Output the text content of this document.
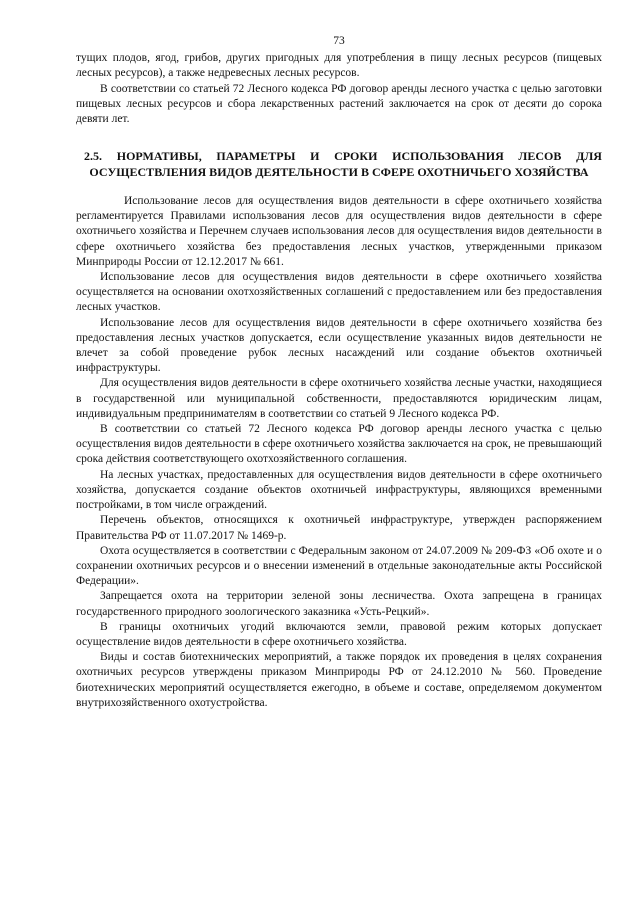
73

тущих плодов, ягод, грибов, других пригодных для употребления в пищу лесных ресурсов (пищевых лесных ресурсов), а также недревесных лесных ресурсов.

В соответствии со статьей 72 Лесного кодекса РФ договор аренды лесного участка с целью заготовки пищевых лесных ресурсов и сбора лекарственных растений заключается на срок от десяти до сорока девяти лет.

2.5. НОРМАТИВЫ, ПАРАМЕТРЫ И СРОКИ ИСПОЛЬЗОВАНИЯ ЛЕСОВ ДЛЯ ОСУЩЕСТВЛЕНИЯ ВИДОВ ДЕЯТЕЛЬНОСТИ В СФЕРЕ ОХОТНИЧЬЕГО ХОЗЯЙСТВА

Использование лесов для осуществления видов деятельности в сфере охотничьего хозяйства регламентируется Правилами использования лесов для осуществления видов деятельности в сфере охотничьего хозяйства и Перечнем случаев использования лесов для осуществления видов деятельности в сфере охотничьего хозяйства без предоставления лесных участков, утвержденными приказом Минприроды России от 12.12.2017 № 661.

Использование лесов для осуществления видов деятельности в сфере охотничьего хозяйства осуществляется на основании охотхозяйственных соглашений с предоставлением или без предоставления лесных участков.

Использование лесов для осуществления видов деятельности в сфере охотничьего хозяйства без предоставления лесных участков допускается, если осуществление указанных видов деятельности не влечет за собой проведение рубок лесных насаждений или создание объектов охотничьей инфраструктуры.

Для осуществления видов деятельности в сфере охотничьего хозяйства лесные участки, находящиеся в государственной или муниципальной собственности, предоставляются юридическим лицам, индивидуальным предпринимателям в соответствии со статьей 9 Лесного кодекса РФ.

В соответствии со статьей 72 Лесного кодекса РФ договор аренды лесного участка с целью осуществления видов деятельности в сфере охотничьего хозяйства заключается на срок, не превышающий срока действия соответствующего охотхозяйственного соглашения.

На лесных участках, предоставленных для осуществления видов деятельности в сфере охотничьего хозяйства, допускается создание объектов охотничьей инфраструктуры, являющихся временными постройками, в том числе ограждений.

Перечень объектов, относящихся к охотничьей инфраструктуре, утвержден распоряжением Правительства РФ от 11.07.2017 № 1469-р.

Охота осуществляется в соответствии с Федеральным законом от 24.07.2009 № 209-ФЗ «Об охоте и о сохранении охотничьих ресурсов и о внесении изменений в отдельные законодательные акты Российской Федерации».

Запрещается охота на территории зеленой зоны лесничества. Охота запрещена в границах государственного природного зоологического заказника «Усть-Рецкий».

В границы охотничьих угодий включаются земли, правовой режим которых допускает осуществление видов деятельности в сфере охотничьего хозяйства.

Виды и состав биотехнических мероприятий, а также порядок их проведения в целях сохранения охотничьих ресурсов утверждены приказом Минприроды РФ от 24.12.2010 № 560. Проведение биотехнических мероприятий осуществляется ежегодно, в объеме и составе, определяемом документом внутрихозяйственного охотустройства.
